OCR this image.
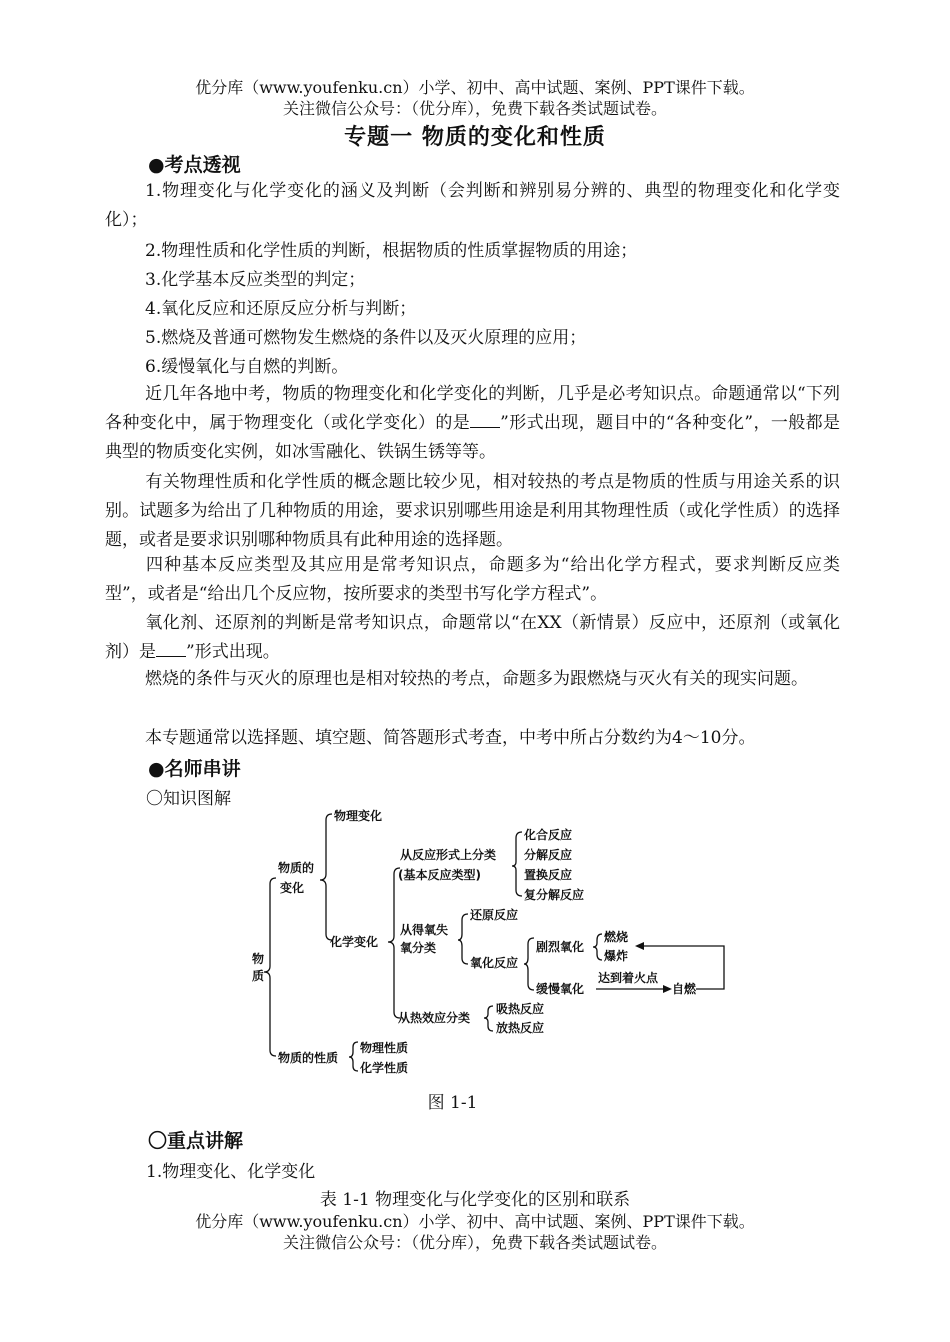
优分库（www.youfenku.cn）小学、初中、高中试题、案例、PPT课件下载。
关注微信公众号：（优分库），免费下载各类试题试卷。
专题一 物质的变化和性质
●考点透视
1.物理变化与化学变化的涵义及判断（会判断和辨别易分辨的、典型的物理变化和化学变化）；
2.物理性质和化学性质的判断，根据物质的性质掌握物质的用途；
3.化学基本反应类型的判定；
4.氧化反应和还原反应分析与判断；
5.燃烧及普通可燃物发生燃烧的条件以及灭火原理的应用；
6.缓慢氧化与自燃的判断。
近几年各地中考，物质的物理变化和化学变化的判断，几乎是必考知识点。命题通常以“下列各种变化中，属于物理变化（或化学变化）的是 ”形式出现，题目中的“各种变化”，一般都是典型的物质变化实例，如冰雪融化、铁锅生锈等等。
有关物理性质和化学性质的概念题比较少见，相对较热的考点是物质的性质与用途关系的识别。试题多为给出了几种物质的用途，要求识别哪些用途是利用其物理性质（或化学性质）的选择题，或者是要求识别哪种物质具有此种用途的选择题。
四种基本反应类型及其应用是常考知识点，命题多为“给出化学方程式，要求判断反应类型”，或者是“给出几个反应物，按所要求的类型书写化学方程式”。
氧化剂、还原剂的判断是常考知识点，命题常以“在XX（新情景）反应中，还原剂（或氧化剂）是 ”形式出现。
燃烧的条件与灭火的原理也是相对较热的考点，命题多为跟燃烧与灭火有关的现实问题。
本专题通常以选择题、填空题、简答题形式考查，中考中所占分数约为4～10分。
●名师串讲
〇知识图解
物
质
物质的
变化
物理变化
化学变化
从反应形式上分类
(基本反应类型)
化合反应
分解反应
置换反应
复分解反应
从得氧失
氧分类
还原反应
氧化反应
剧烈氧化
燃烧
爆炸
缓慢氧化
达到着火点
自燃
从热效应分类
吸热反应
放热反应
物质的性质
物理性质
化学性质
图 1-1
〇重点讲解
1.物理变化、化学变化
表 1-1 物理变化与化学变化的区别和联系
优分库（www.youfenku.cn）小学、初中、高中试题、案例、PPT课件下载。
关注微信公众号：（优分库），免费下载各类试题试卷。
